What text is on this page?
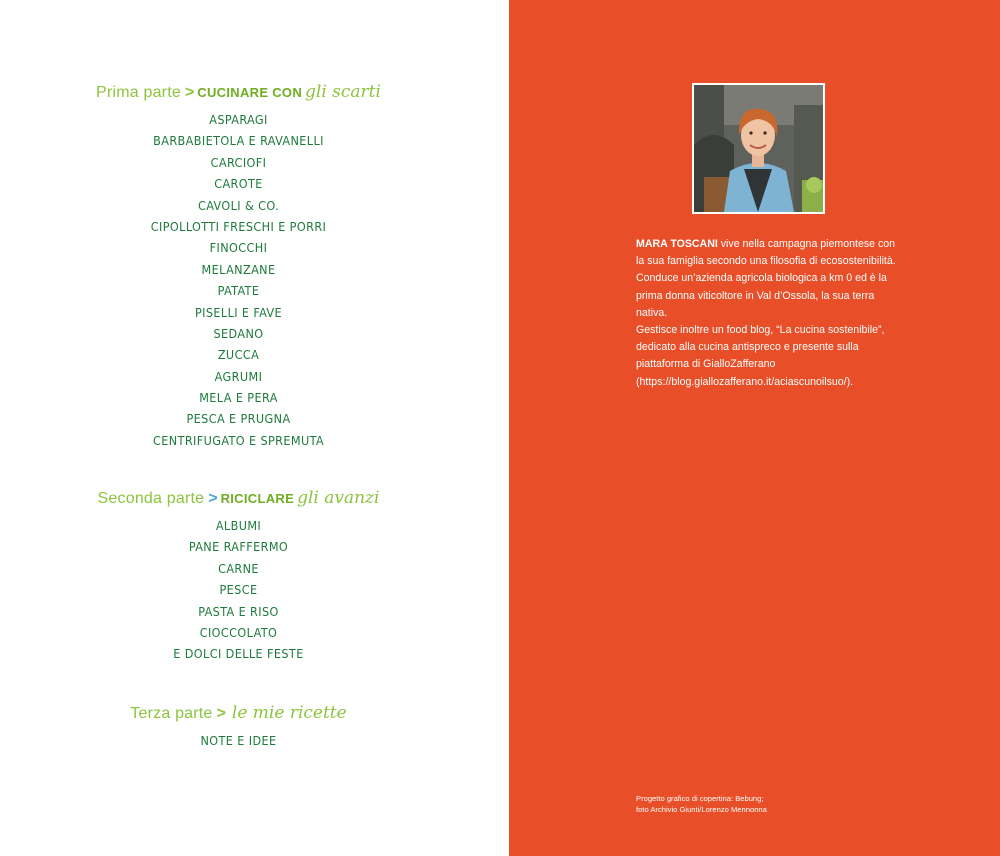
Prima parte > CUCINARE CON gli scarti
ASPARAGI
BARBABIETOLA E RAVANELLI
CARCIOFI
CAROTE
CAVOLI & CO.
CIPOLLOTTI FRESCHI E PORRI
FINOCCHI
MELANZANE
PATATE
PISELLI E FAVE
SEDANO
ZUCCA
AGRUMI
MELA E PERA
PESCA E PRUGNA
CENTRIFUGATO E SPREMUTA
Seconda parte > RICICLARE gli avanzi
ALBUMI
PANE RAFFERMO
CARNE
PESCE
PASTA E RISO
CIOCCOLATO
E DOLCI DELLE FESTE
Terza parte > le mie ricette
NOTE E IDEE

MARA TOSCANI vive nella campagna piemontese con la sua famiglia secondo una filosofia di ecosostenibilità. Conduce un’azienda agricola biologica a km 0 ed è la prima donna viticoltore in Val d’Ossola, la sua terra nativa.

Gestisce inoltre un food blog, “La cucina sostenibile”, dedicato alla cucina antispreco e presente sulla piattaforma di GialloZafferano (https://blog.giallozafferano.it/aciascunoilsuo/).

Progetto grafico di copertina: Bebung;
foto Archivio Giunti/Lorenzo Mennonna
